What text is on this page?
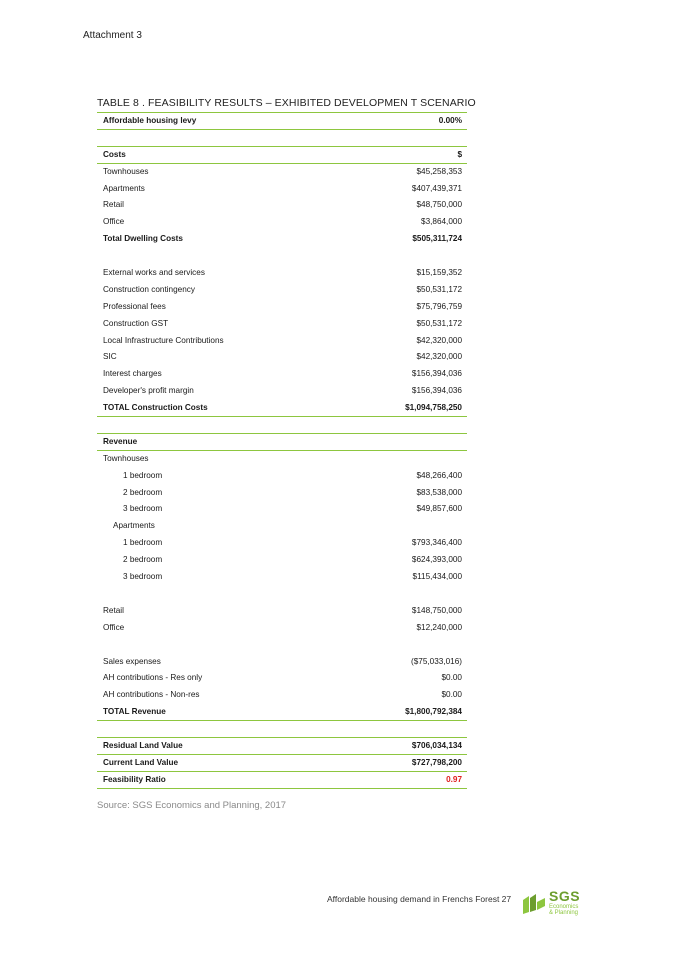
Attachment 3
TABLE 8 . FEASIBILITY RESULTS – EXHIBITED DEVELOPMEN T SCENARIO
Affordable housing levy	0.00%
Costs	$
Townhouses	$45,258,353
Apartments	$407,439,371
Retail	$48,750,000
Office	$3,864,000
Total Dwelling Costs	$505,311,724
External works and services	$15,159,352
Construction contingency	$50,531,172
Professional fees	$75,796,759
Construction GST	$50,531,172
Local Infrastructure Contributions	$42,320,000
SIC	$42,320,000
Interest charges	$156,394,036
Developer's profit margin	$156,394,036
TOTAL Construction Costs	$1,094,758,250
Revenue
Townhouses
1 bedroom	$48,266,400
2 bedroom	$83,538,000
3 bedroom	$49,857,600
Apartments
1 bedroom	$793,346,400
2 bedroom	$624,393,000
3 bedroom	$115,434,000
Retail	$148,750,000
Office	$12,240,000
Sales expenses	($75,033,016)
AH contributions - Res only	$0.00
AH contributions - Non-res	$0.00
TOTAL Revenue	$1,800,792,384
Residual Land Value	$706,034,134
Current Land Value	$727,798,200
Feasibility Ratio	0.97
Source: SGS Economics and Planning, 2017
Affordable housing demand in Frenchs Forest 27	SGS
Economics
& Planning
